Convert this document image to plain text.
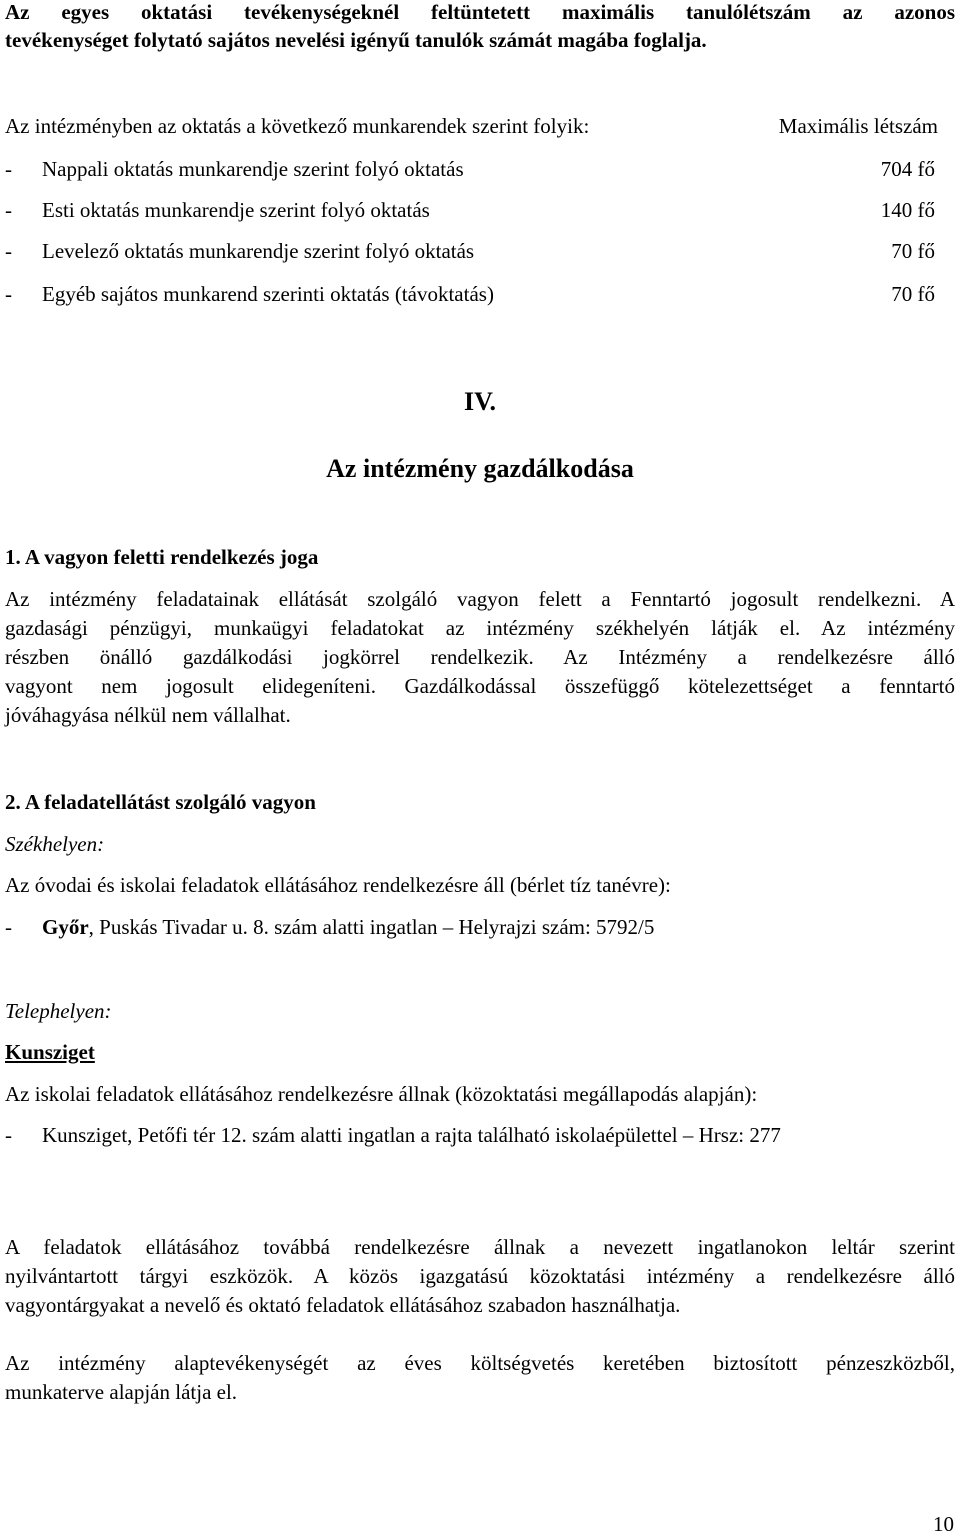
Az egyes oktatási tevékenységeknél feltüntetett maximális tanulólétszám az azonos
tevékenységet folytató sajátos nevelési igényű tanulók számát magába foglalja.
Az intézményben az oktatás a következő munkarendek szerint folyik:	Maximális létszám
- Nappali oktatás munkarendje szerint folyó oktatás	704 fő
- Esti oktatás munkarendje szerint folyó oktatás	140 fő
- Levelező oktatás munkarendje szerint folyó oktatás	70 fő
- Egyéb sajátos munkarend szerinti oktatás (távoktatás)	70 fő
IV.
Az intézmény gazdálkodása
1. A vagyon feletti rendelkezés joga
Az intézmény feladatainak ellátását szolgáló vagyon felett a Fenntartó jogosult rendelkezni. A
gazdasági pénzügyi, munkaügyi feladatokat az intézmény székhelyén látják el. Az intézmény
részben önálló gazdálkodási jogkörrel rendelkezik. Az Intézmény a rendelkezésre álló
vagyont nem jogosult elidegeníteni. Gazdálkodással összefüggő kötelezettséget a fenntartó
jóváhagyása nélkül nem vállalhat.
2. A feladatellátást szolgáló vagyon
Székhelyen:
Az óvodai és iskolai feladatok ellátásához rendelkezésre áll (bérlet tíz tanévre):
- Győr, Puskás Tivadar u. 8. szám alatti ingatlan – Helyrajzi szám: 5792/5
Telephelyen:
Kunsziget
Az iskolai feladatok ellátásához rendelkezésre állnak (közoktatási megállapodás alapján):
- Kunsziget, Petőfi tér 12. szám alatti ingatlan a rajta található iskolaépülettel – Hrsz: 277
A feladatok ellátásához továbbá rendelkezésre állnak a nevezett ingatlanokon leltár szerint
nyilvántartott tárgyi eszközök. A közös igazgatású közoktatási intézmény a rendelkezésre álló
vagyontárgyakat a nevelő és oktató feladatok ellátásához szabadon használhatja.
Az intézmény alaptevékenységét az éves költségvetés keretében biztosított pénzeszközből,
munkaterve alapján látja el.
10
